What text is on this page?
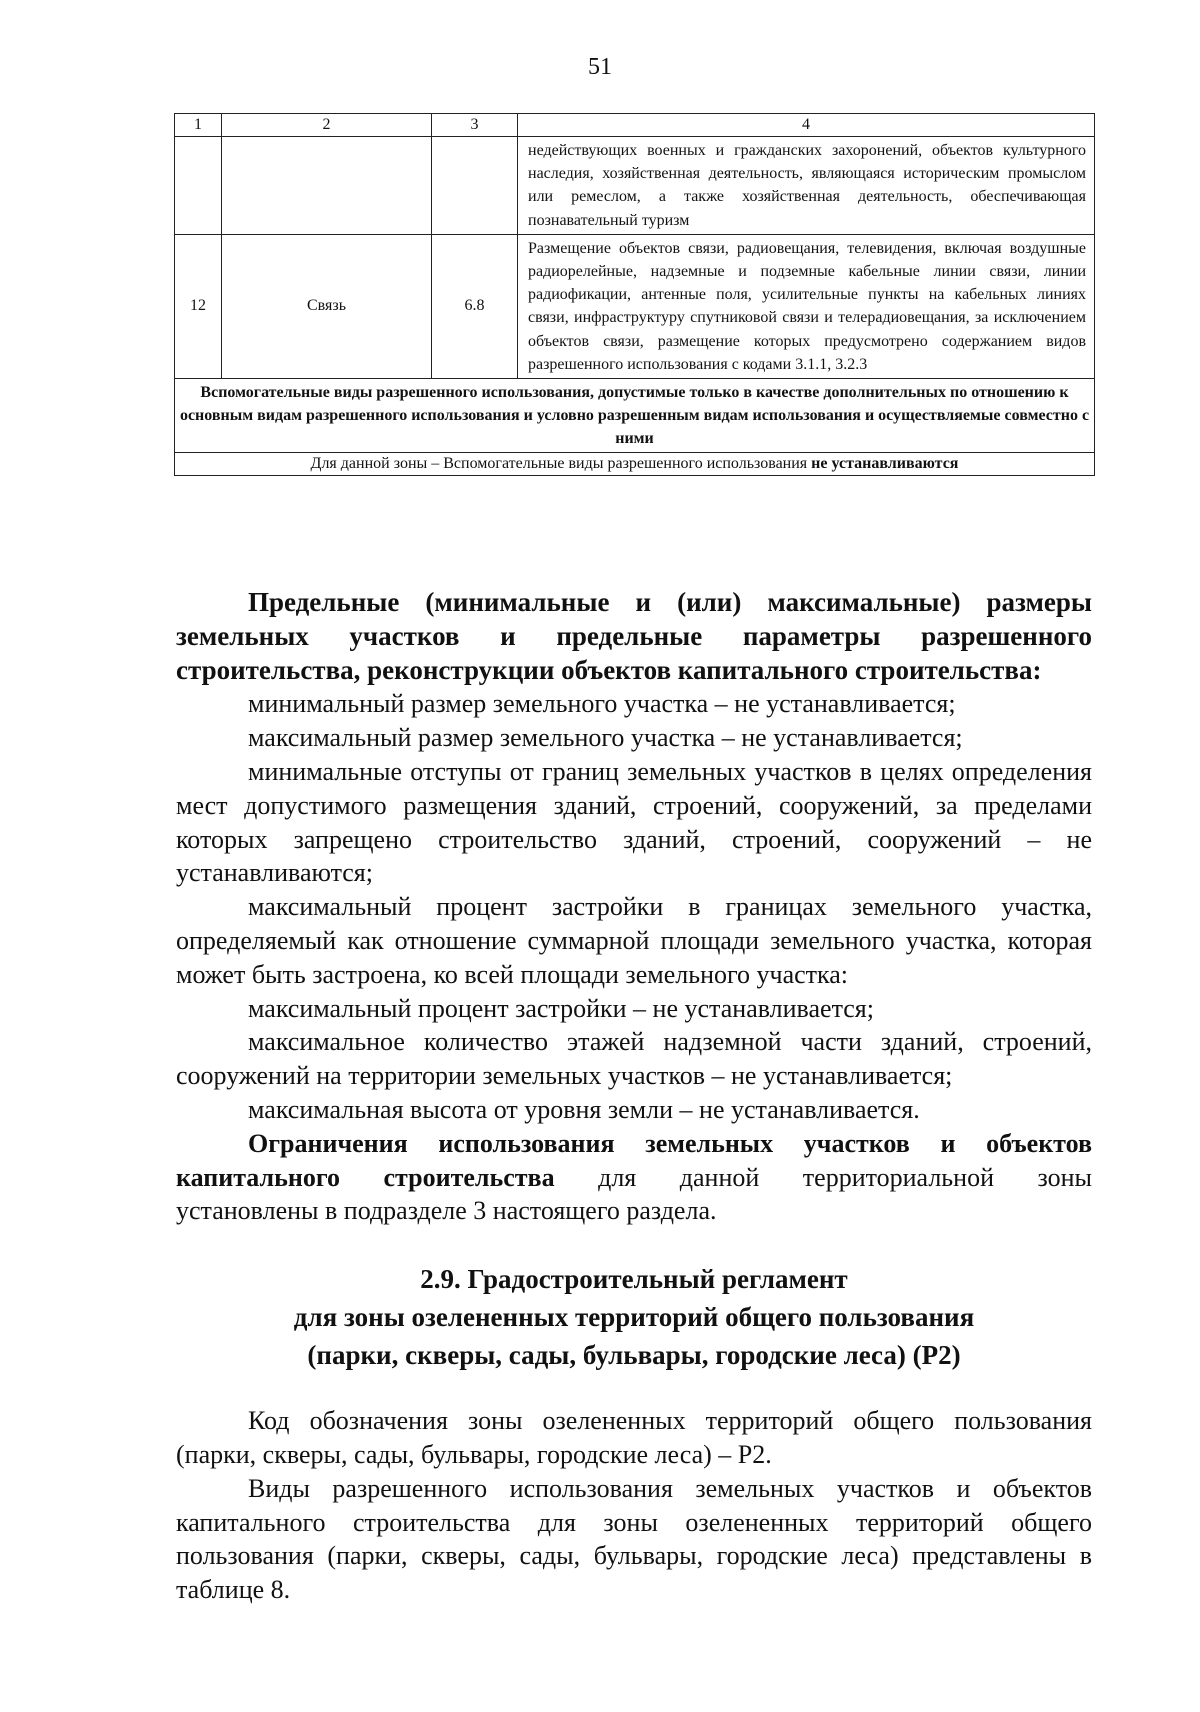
51
1	2	3	4
			недействующих военных и гражданских захоронений, объектов культурного наследия, хозяйственная деятельность, являющаяся историческим промыслом или ремеслом, а также хозяйственная деятельность, обеспечивающая познавательный туризм
12	Связь	6.8	Размещение объектов связи, радиовещания, телевидения, включая воздушные радиорелейные, надземные и подземные кабельные линии связи, линии радиофикации, антенные поля, усилительные пункты на кабельных линиях связи, инфраструктуру спутниковой связи и телерадиовещания, за исключением объектов связи, размещение которых предусмотрено содержанием видов разрешенного использования с кодами 3.1.1, 3.2.3
Вспомогательные виды разрешенного использования, допустимые только в качестве дополнительных по отношению к основным видам разрешенного использования и условно разрешенным видам использования и осуществляемые совместно с ними			
Для данной зоны – Вспомогательные виды разрешенного использования не устанавливаются			

Предельные (минимальные и (или) максимальные) размеры

земельных участков и предельные параметры разрешенного

строительства, реконструкции объектов капитального строительства:

минимальный размер земельного участка – не устанавливается;

максимальный размер земельного участка – не устанавливается;

минимальные отступы от границ земельных участков в целях определения мест допустимого размещения зданий, строений, сооружений, за пределами которых запрещено строительство зданий, строений, сооружений – не устанавливаются;

максимальный процент застройки в границах земельного участка, определяемый как отношение суммарной площади земельного участка, которая может быть застроена, ко всей площади земельного участка:

максимальный процент застройки – не устанавливается;

максимальное количество этажей надземной части зданий, строений, сооружений на территории земельных участков – не устанавливается;

максимальная высота от уровня земли – не устанавливается.

Ограничения использования земельных участков и объектов

капитального строительства для данной территориальной зоны

установлены в подразделе 3 настоящего раздела.

2.9. Градостроительный регламент
для зоны озелененных территорий общего пользования
(парки, скверы, сады, бульвары, городские леса) (Р2)

Код обозначения зоны озелененных территорий общего пользования (парки, скверы, сады, бульвары, городские леса) – Р2.

Виды разрешенного использования земельных участков и объектов капитального строительства для зоны озелененных территорий общего пользования (парки, скверы, сады, бульвары, городские леса) представлены в таблице 8.
